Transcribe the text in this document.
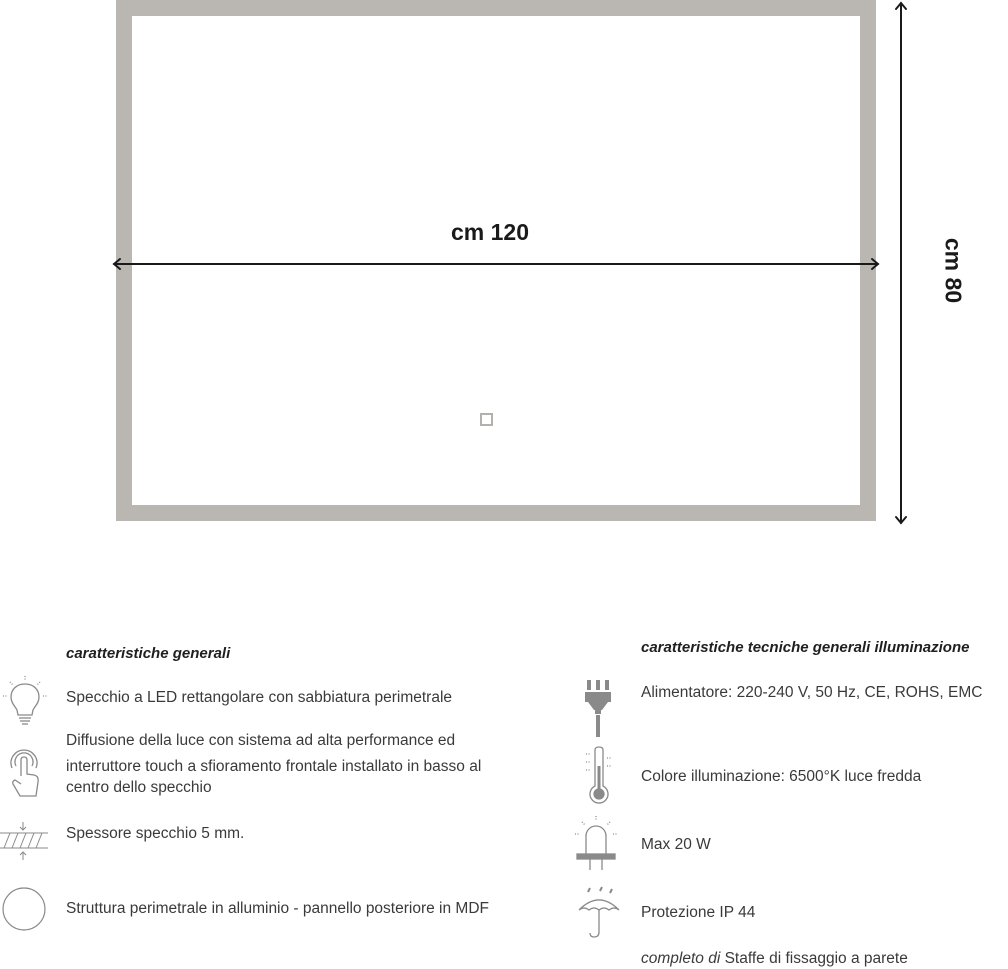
cm 120
cm 80
caratteristiche generali
Specchio a LED rettangolare con sabbiatura perimetrale
Diffusione della luce con sistema ad alta performance ed
interruttore touch a sfioramento frontale installato in basso al
centro dello specchio
Spessore specchio 5 mm.
Struttura perimetrale in alluminio - pannello posteriore in MDF
caratteristiche tecniche generali illuminazione
Alimentatore: 220-240 V, 50 Hz, CE, ROHS, EMC
Colore illuminazione: 6500°K luce fredda
Max 20 W
Protezione IP 44
completo di Staffe di fissaggio a parete
